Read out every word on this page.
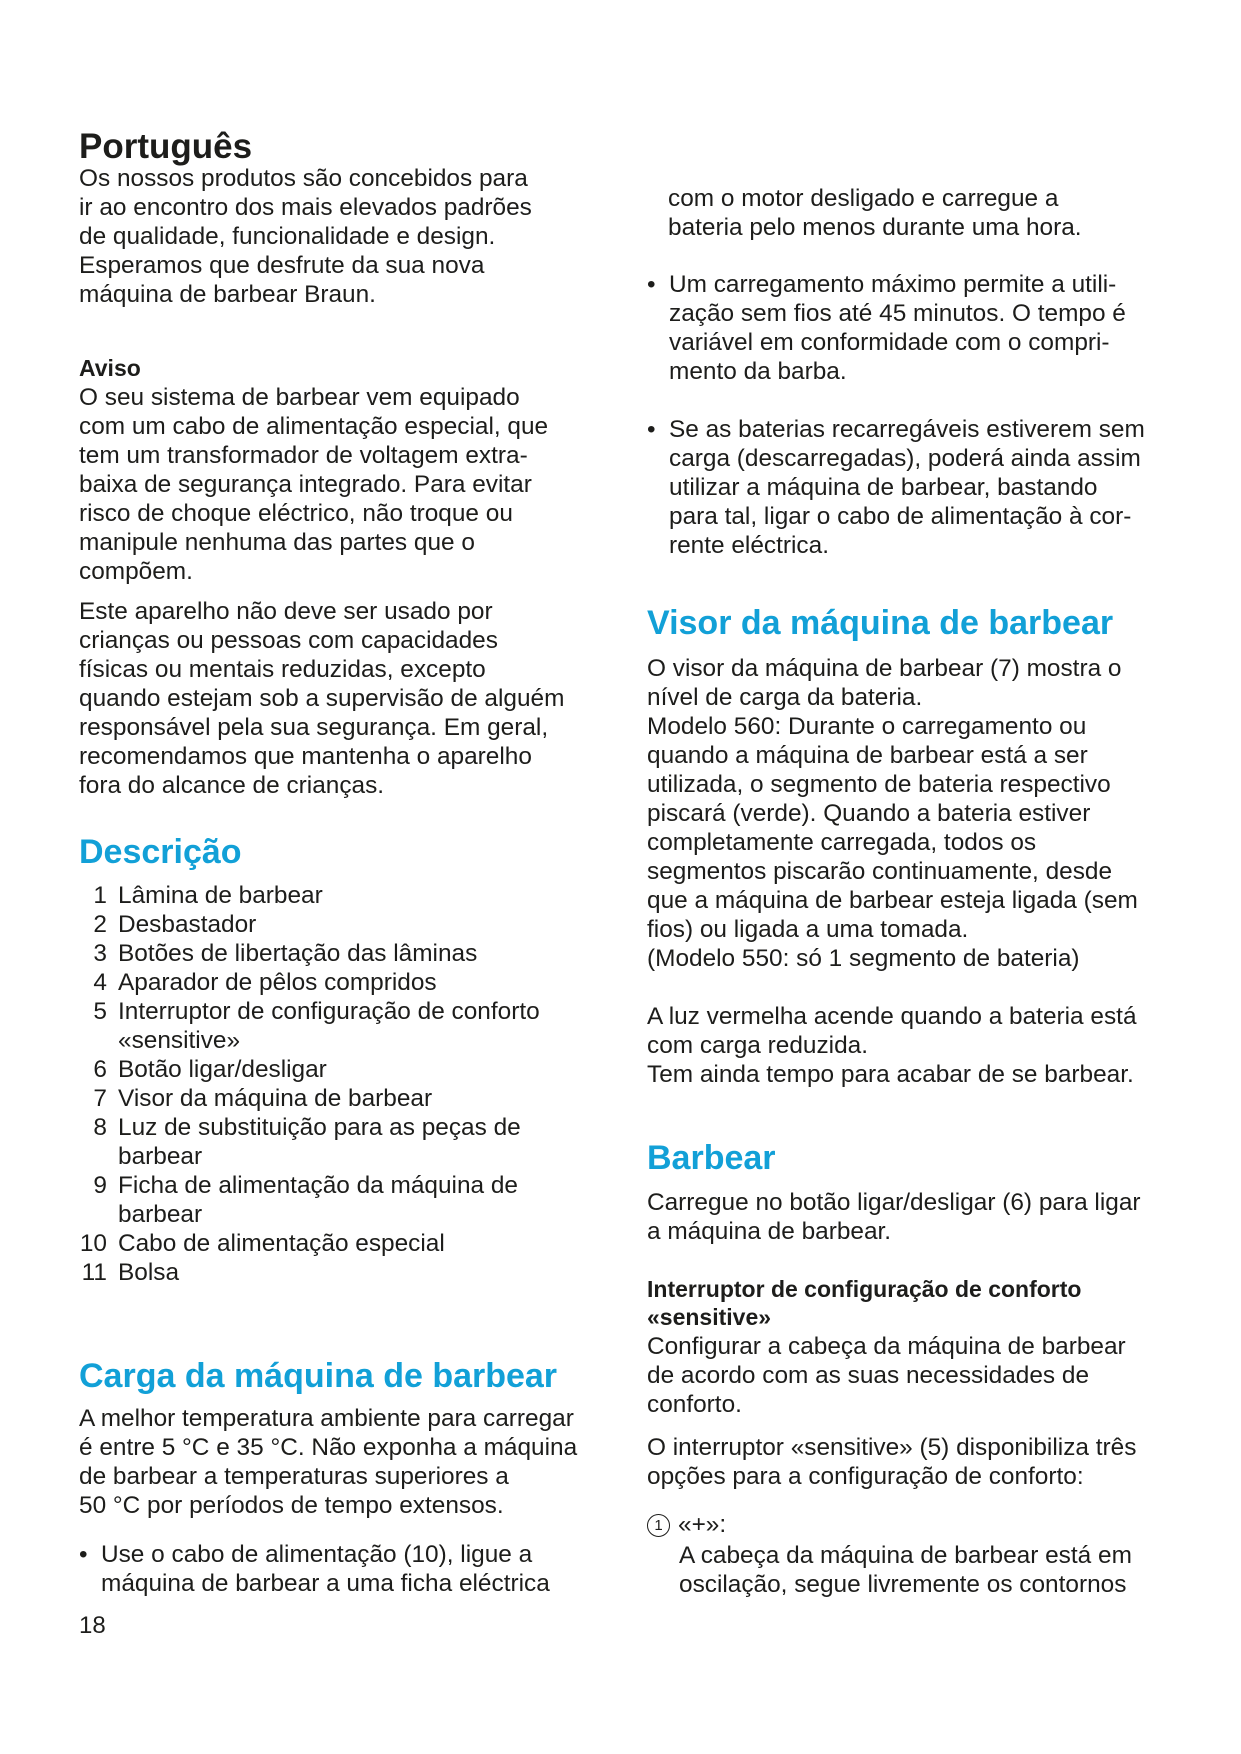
Português

Os nossos produtos são concebidos para
ir ao encontro dos mais elevados padrões
de qualidade, funcionalidade e design.
Esperamos que desfrute da sua nova
máquina de barbear Braun.

Aviso

O seu sistema de barbear vem equipado
com um cabo de alimentação especial, que
tem um transformador de voltagem extra-
baixa de segurança integrado. Para evitar
risco de choque eléctrico, não troque ou
manipule nenhuma das partes que o
compõem.

Este aparelho não deve ser usado por
crianças ou pessoas com capacidades
físicas ou mentais reduzidas, excepto
quando estejam sob a supervisão de alguém
responsável pela sua segurança. Em geral,
recomendamos que mantenha o aparelho
fora do alcance de crianças.

Descrição
1 Lâmina de barbear
2 Desbastador
3 Botões de libertação das lâminas
4 Aparador de pêlos compridos
5 Interruptor de configuração de conforto
«sensitive»
6 Botão ligar/desligar
7 Visor da máquina de barbear
8 Luz de substituição para as peças de
barbear
9 Ficha de alimentação da máquina de
barbear
10 Cabo de alimentação especial
11 Bolsa
Carga da máquina de barbear

A melhor temperatura ambiente para carregar
é entre 5 °C e 35 °C. Não exponha a máquina
de barbear a temperaturas superiores a
50 °C por períodos de tempo extensos.

• Use o cabo de alimentação (10), ligue a
máquina de barbear a uma ficha eléctrica
18

com o motor desligado e carregue a
bateria pelo menos durante uma hora.

• Um carregamento máximo permite a utili-
zação sem fios até 45 minutos. O tempo é
variável em conformidade com o compri-
mento da barba.
• Se as baterias recarregáveis estiverem sem
carga (descarregadas), poderá ainda assim
utilizar a máquina de barbear, bastando
para tal, ligar o cabo de alimentação à cor-
rente eléctrica.
Visor da máquina de barbear

O visor da máquina de barbear (7) mostra o
nível de carga da bateria.
Modelo 560: Durante o carregamento ou
quando a máquina de barbear está a ser
utilizada, o segmento de bateria respectivo
piscará (verde). Quando a bateria estiver
completamente carregada, todos os
segmentos piscarão continuamente, desde
que a máquina de barbear esteja ligada (sem
fios) ou ligada a uma tomada.
(Modelo 550: só 1 segmento de bateria)

A luz vermelha acende quando a bateria está
com carga reduzida.
Tem ainda tempo para acabar de se barbear.

Barbear

Carregue no botão ligar/desligar (6) para ligar
a máquina de barbear.

Interruptor de configuração de conforto
«sensitive»

Configurar a cabeça da máquina de barbear
de acordo com as suas necessidades de
conforto.

O interruptor «sensitive» (5) disponibiliza três
opções para a configuração de conforto:

1 «+»:

A cabeça da máquina de barbear está em
oscilação, segue livremente os contornos
